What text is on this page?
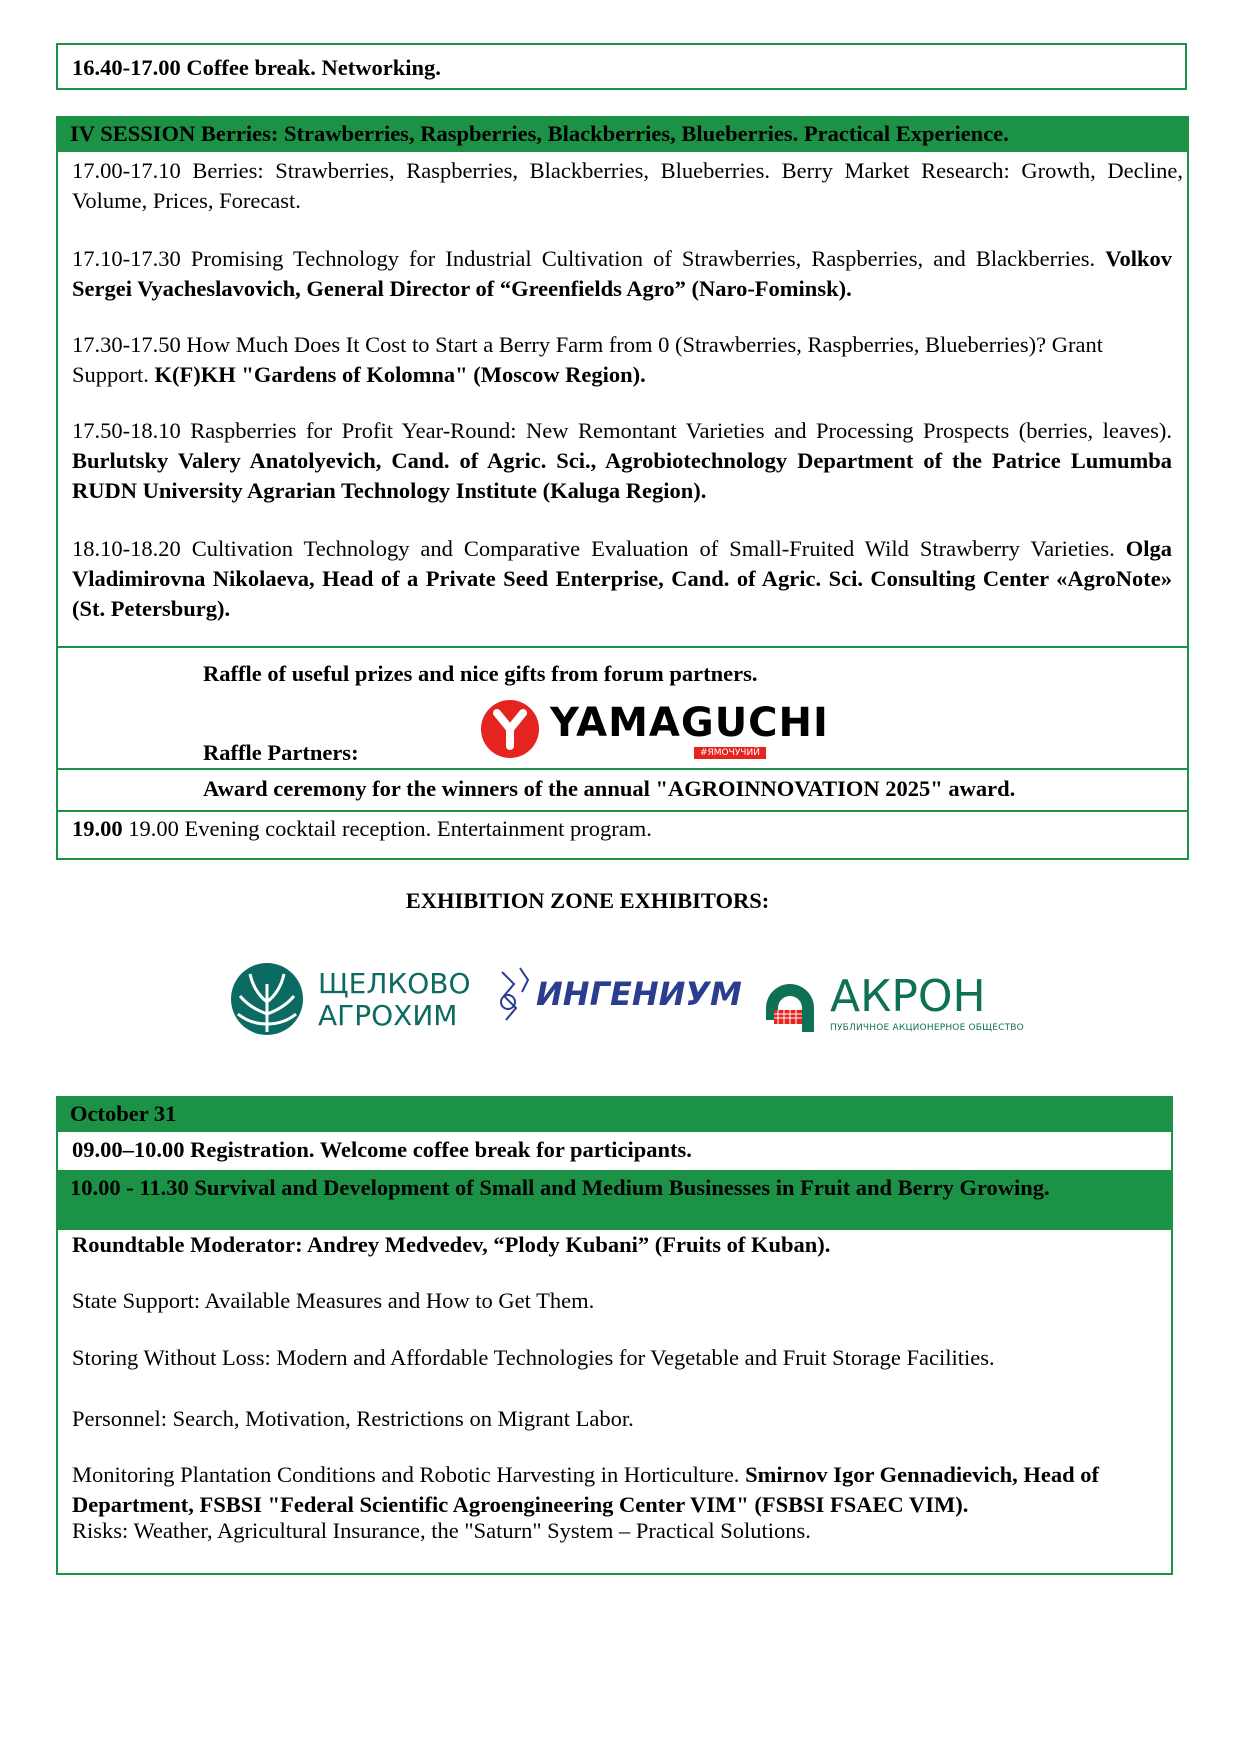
16.40-17.00 Coffee break. Networking.
IV SESSION Berries: Strawberries, Raspberries, Blackberries, Blueberries. Practical Experience.
17.00-17.10 Berries: Strawberries, Raspberries, Blackberries, Blueberries. Berry Market Research: Growth, Decline, Volume, Prices, Forecast.
17.10-17.30 Promising Technology for Industrial Cultivation of Strawberries, Raspberries, and Blackberries. Volkov Sergei Vyacheslavovich, General Director of “Greenfields Agro” (Naro-Fominsk).
17.30-17.50 How Much Does It Cost to Start a Berry Farm from 0 (Strawberries, Raspberries, Blueberries)? Grant Support. K(F)KH "Gardens of Kolomna" (Moscow Region).
17.50-18.10 Raspberries for Profit Year-Round: New Remontant Varieties and Processing Prospects (berries, leaves). Burlutsky Valery Anatolyevich, Cand. of Agric. Sci., Agrobiotechnology Department of the Patrice Lumumba RUDN University Agrarian Technology Institute (Kaluga Region).
18.10-18.20 Cultivation Technology and Comparative Evaluation of Small-Fruited Wild Strawberry Varieties. Olga Vladimirovna Nikolaeva, Head of a Private Seed Enterprise, Cand. of Agric. Sci. Consulting Center «AgroNote» (St. Petersburg).
Raffle of useful prizes and nice gifts from forum partners.
Raffle Partners:
YAMAGUCHI
#ЯМОЧУЧИЙ
Award ceremony for the winners of the annual "AGROINNOVATION 2025" award.
19.00 19.00 Evening cocktail reception. Entertainment program.
EXHIBITION ZONE EXHIBITORS:
ЩЕЛКОВО
АГРОХИМ
ИНГЕНИУМ АКРОН
ПУБЛИЧНОЕ АКЦИОНЕРНОЕ ОБЩЕСТВО
October 31
09.00–10.00 Registration. Welcome coffee break for participants.
10.00 - 11.30 Survival and Development of Small and Medium Businesses in Fruit and Berry Growing.
Roundtable Moderator: Andrey Medvedev, “Plody Kubani” (Fruits of Kuban).
State Support: Available Measures and How to Get Them.
Storing Without Loss: Modern and Affordable Technologies for Vegetable and Fruit Storage Facilities.
Personnel: Search, Motivation, Restrictions on Migrant Labor.
Monitoring Plantation Conditions and Robotic Harvesting in Horticulture. Smirnov Igor Gennadievich, Head of Department, FSBSI "Federal Scientific Agroengineering Center VIM" (FSBSI FSAEC VIM).
Risks: Weather, Agricultural Insurance, the "Saturn" System – Practical Solutions.
